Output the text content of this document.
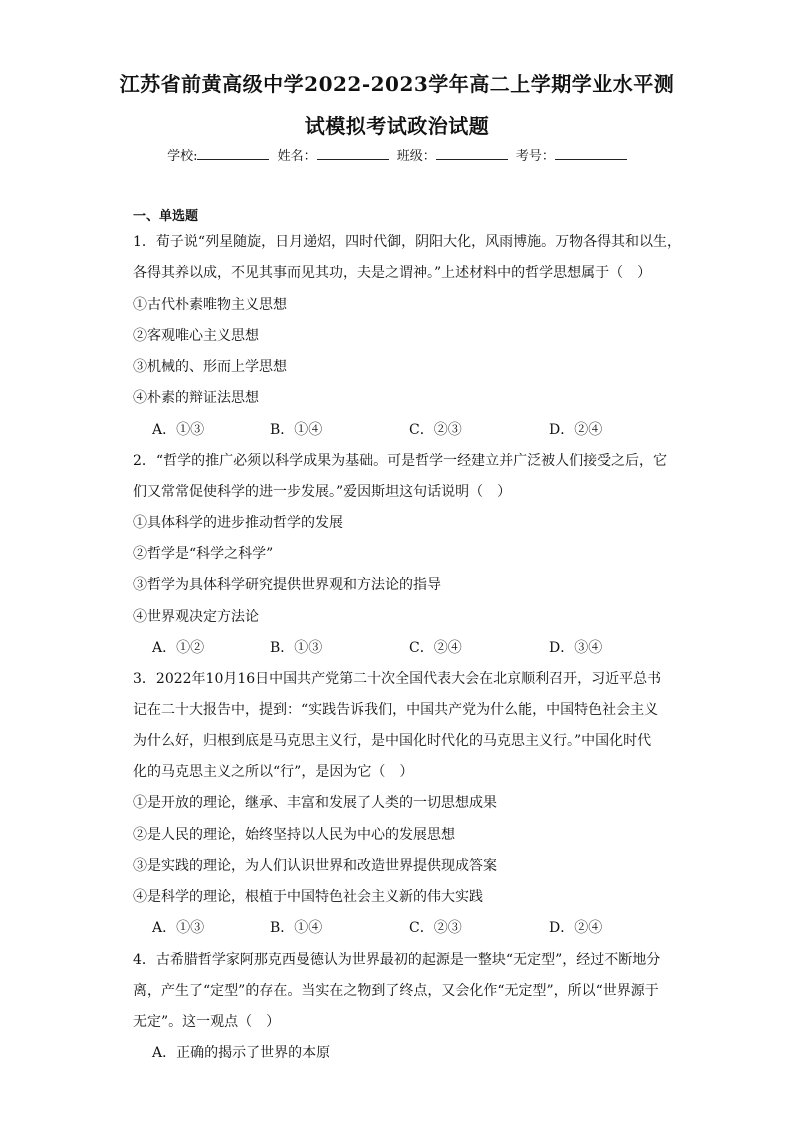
江苏省前黄高级中学2022-2023学年高二上学期学业水平测
试模拟考试政治试题
学校:	姓名：	班级：	考号：
一、单选题
1．荀子说“列星随旋，日月递炤，四时代御，阴阳大化，风雨博施。万物各得其和以生，
各得其养以成，不见其事而见其功，夫是之谓神。”上述材料中的哲学思想属于（　）
①古代朴素唯物主义思想
②客观唯心主义思想
③机械的、形而上学思想
④朴素的辩证法思想
A．①③	B．①④	C．②③	D．②④
2．“哲学的推广必须以科学成果为基础。可是哲学一经建立并广泛被人们接受之后，它
们又常常促使科学的进一步发展。”爱因斯坦这句话说明（　）
①具体科学的进步推动哲学的发展
②哲学是“科学之科学”
③哲学为具体科学研究提供世界观和方法论的指导
④世界观决定方法论
A．①②	B．①③	C．②④	D．③④
3．2022年10月16日中国共产党第二十次全国代表大会在北京顺利召开，习近平总书
记在二十大报告中，提到：“实践告诉我们，中国共产党为什么能，中国特色社会主义
为什么好，归根到底是马克思主义行，是中国化时代化的马克思主义行。”中国化时代
化的马克思主义之所以“行”，是因为它（　）
①是开放的理论，继承、丰富和发展了人类的一切思想成果
②是人民的理论，始终坚持以人民为中心的发展思想
③是实践的理论，为人们认识世界和改造世界提供现成答案
④是科学的理论，根植于中国特色社会主义新的伟大实践
A．①③	B．①④	C．②③	D．②④
4．古希腊哲学家阿那克西曼德认为世界最初的起源是一整块“无定型”，经过不断地分
离，产生了“定型”的存在。当实在之物到了终点，又会化作“无定型”，所以“世界源于
无定”。这一观点（　）
A．正确的揭示了世界的本原
